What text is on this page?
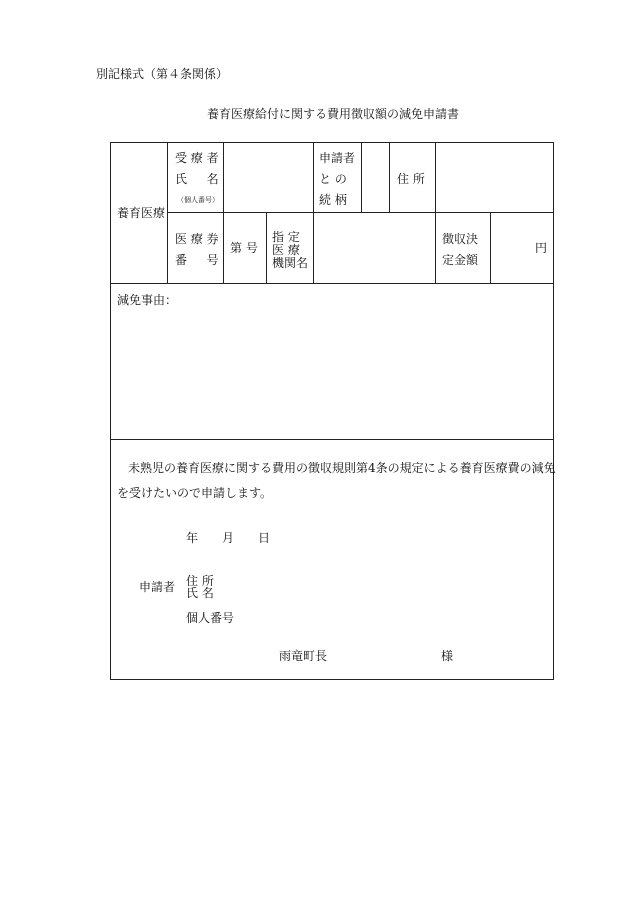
別記様式（第４条関係）
養育医療給付に関する費用徴収額の減免申請書
養育医療
受 療 者
氏 　 名
（個人番号）
申請者
と の
続 柄
住 所
医 療 券
番 　 号
第 号
指 定
医 療
機関名
徴収決
定金額
円
減免事由：
未熟児の養育医療に関する費用の徴収規則第4条の規定による養育医療費の減免
を受けたいので申請します。
年 月 日
申請者 住 所
氏 名
個人番号
雨竜町長	様
